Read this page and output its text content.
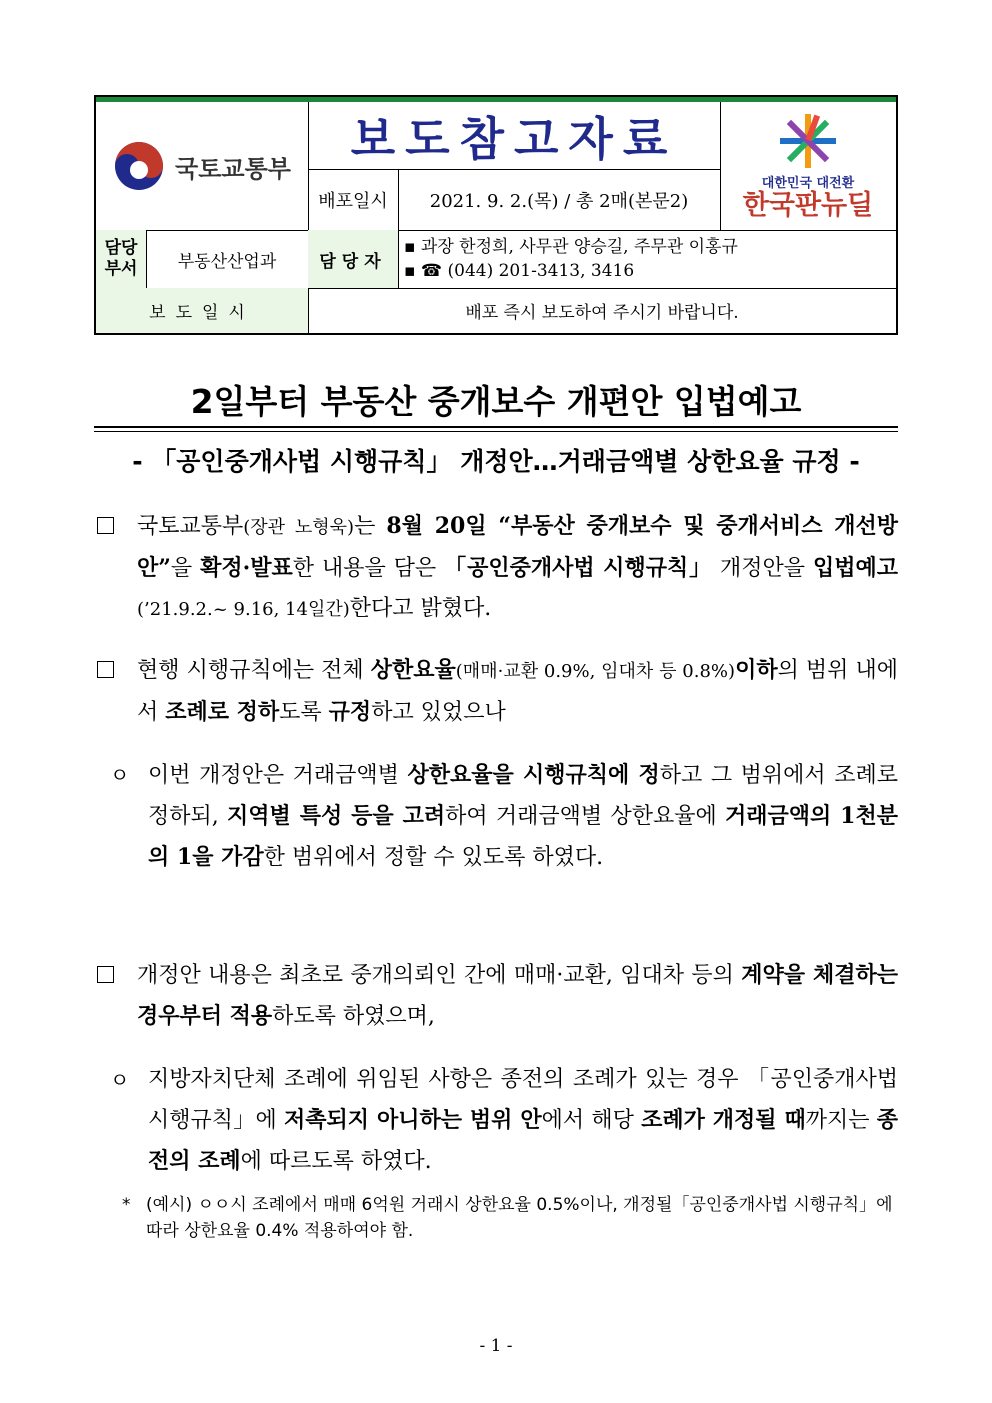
국토교통부
보도참고자료
배포일시	2021. 9. 2.(목) / 총 2매(본문2)
대한민국 대전환
한국판뉴딜
담당
부서	부동산산업과	담당자
▪ 과장 한정희, 사무관 양승길, 주무관 이홍규
▪ ☎ (044) 201-3413, 3416
보도일시	배포 즉시 보도하여 주시기 바랍니다.
2일부터 부동산 중개보수 개편안 입법예고
- 「공인중개사법 시행규칙」 개정안…거래금액별 상한요율 규정 -
국토교통부(장관 노형욱)는 8월 20일 “부동산 중개보수 및 중개서비스 개선방안”을 확정·발표한 내용을 담은 「공인중개사법 시행규칙」 개정안을 입법예고(’21.9.2.~ 9.16, 14일간)한다고 밝혔다.
현행 시행규칙에는 전체 상한요율(매매·교환 0.9%, 임대차 등 0.8%)이하의 범위 내에서 조례로 정하도록 규정하고 있었으나
ㅇ 이번 개정안은 거래금액별 상한요율을 시행규칙에 정하고 그 범위에서 조례로 정하되, 지역별 특성 등을 고려하여 거래금액별 상한요율에 거래금액의 1천분의 1을 가감한 범위에서 정할 수 있도록 하였다.
개정안 내용은 최초로 중개의뢰인 간에 매매·교환, 임대차 등의 계약을 체결하는 경우부터 적용하도록 하였으며,
ㅇ 지방자치단체 조례에 위임된 사항은 종전의 조례가 있는 경우 「공인중개사법 시행규칙」에 저촉되지 아니하는 범위 안에서 해당 조례가 개정될 때까지는 종전의 조례에 따르도록 하였다.
* (예시) ㅇㅇ시 조례에서 매매 6억원 거래시 상한요율 0.5%이나, 개정될「공인중개사법 시행규칙」에 따라 상한요율 0.4% 적용하여야 함.
- 1 -
